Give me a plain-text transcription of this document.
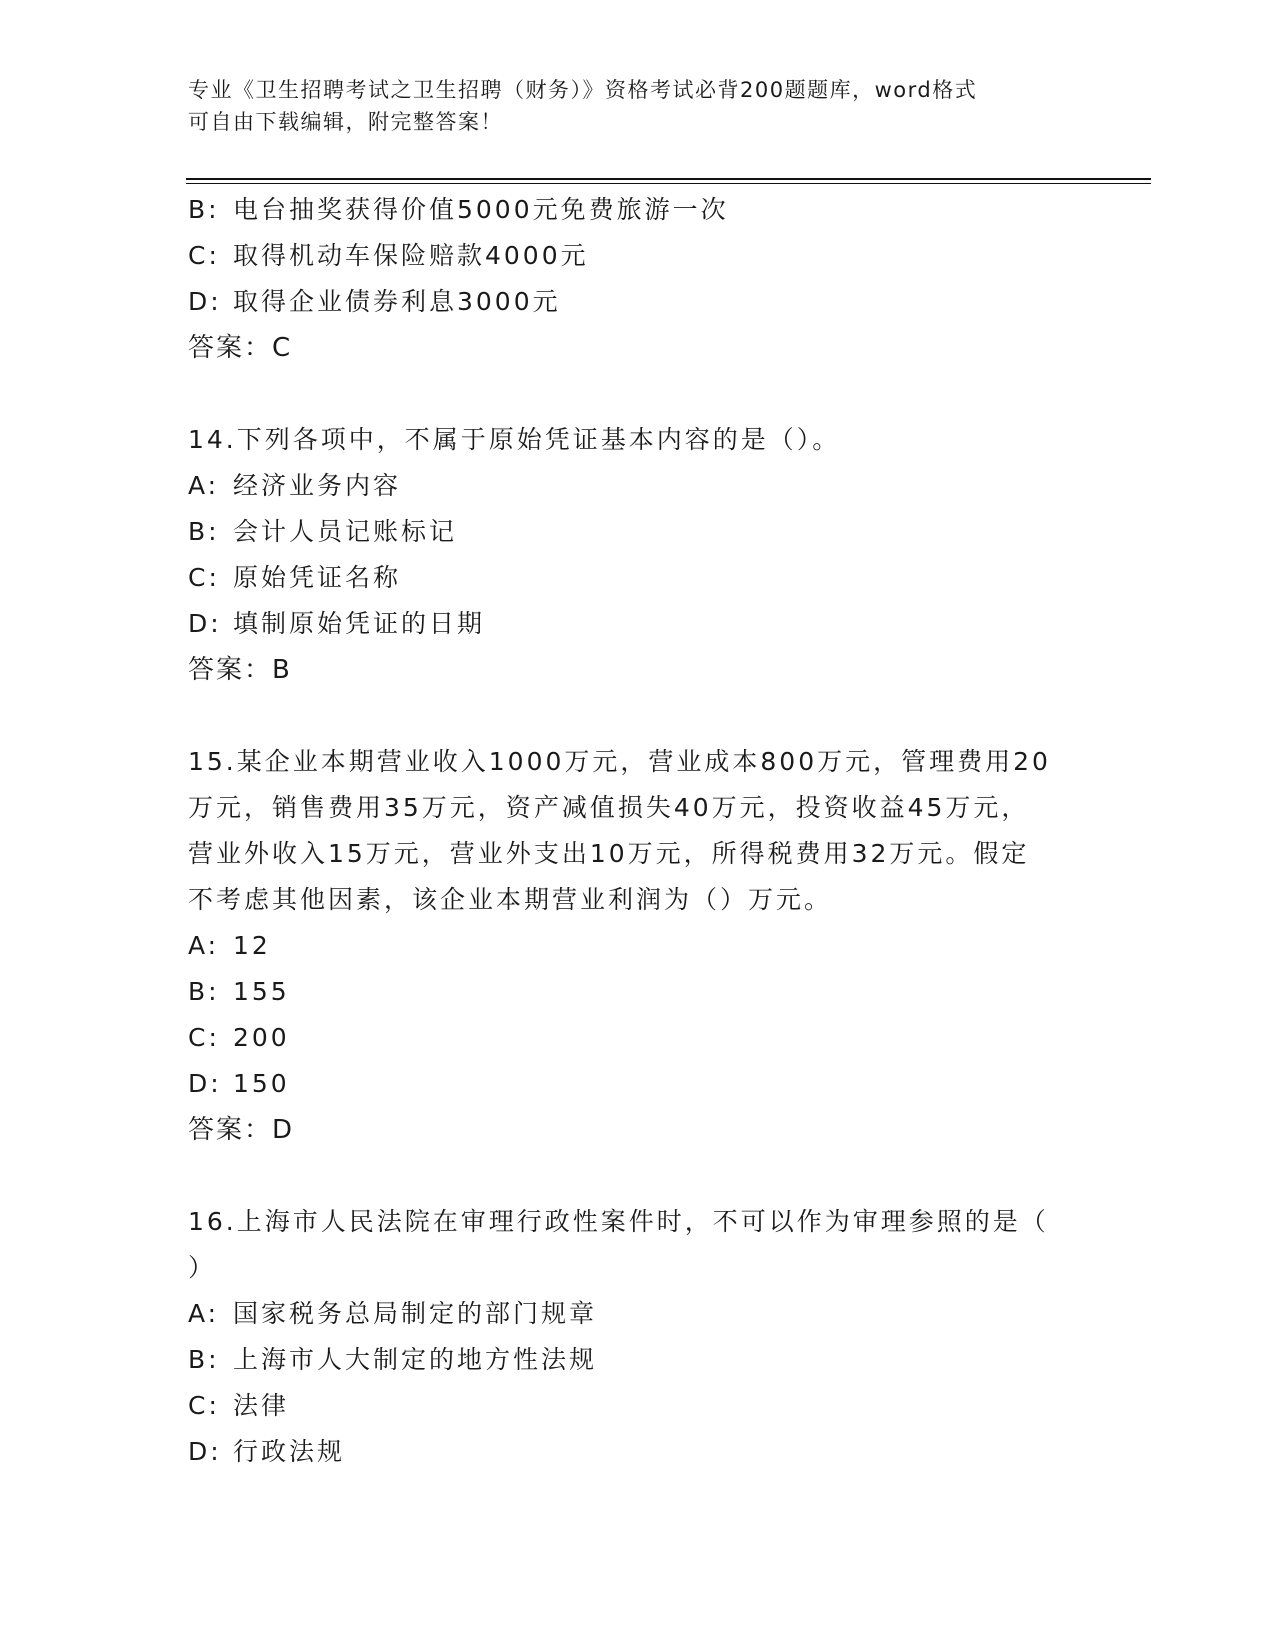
专业《卫生招聘考试之卫生招聘（财务）》资格考试必背200题题库，word格式
可自由下载编辑，附完整答案！
B: 电台抽奖获得价值5000元免费旅游一次
C: 取得机动车保险赔款4000元
D: 取得企业债券利息3000元
答案：C
14.下列各项中，不属于原始凭证基本内容的是（）。
A: 经济业务内容
B: 会计人员记账标记
C: 原始凭证名称
D: 填制原始凭证的日期
答案：B
15.某企业本期营业收入1000万元，营业成本800万元，管理费用20
万元，销售费用35万元，资产减值损失40万元，投资收益45万元，
营业外收入15万元，营业外支出10万元，所得税费用32万元。假定
不考虑其他因素，该企业本期营业利润为（）万元。
A: 12
B: 155
C: 200
D: 150
答案：D
16.上海市人民法院在审理行政性案件时，不可以作为审理参照的是（
）
A: 国家税务总局制定的部门规章
B: 上海市人大制定的地方性法规
C: 法律
D: 行政法规
